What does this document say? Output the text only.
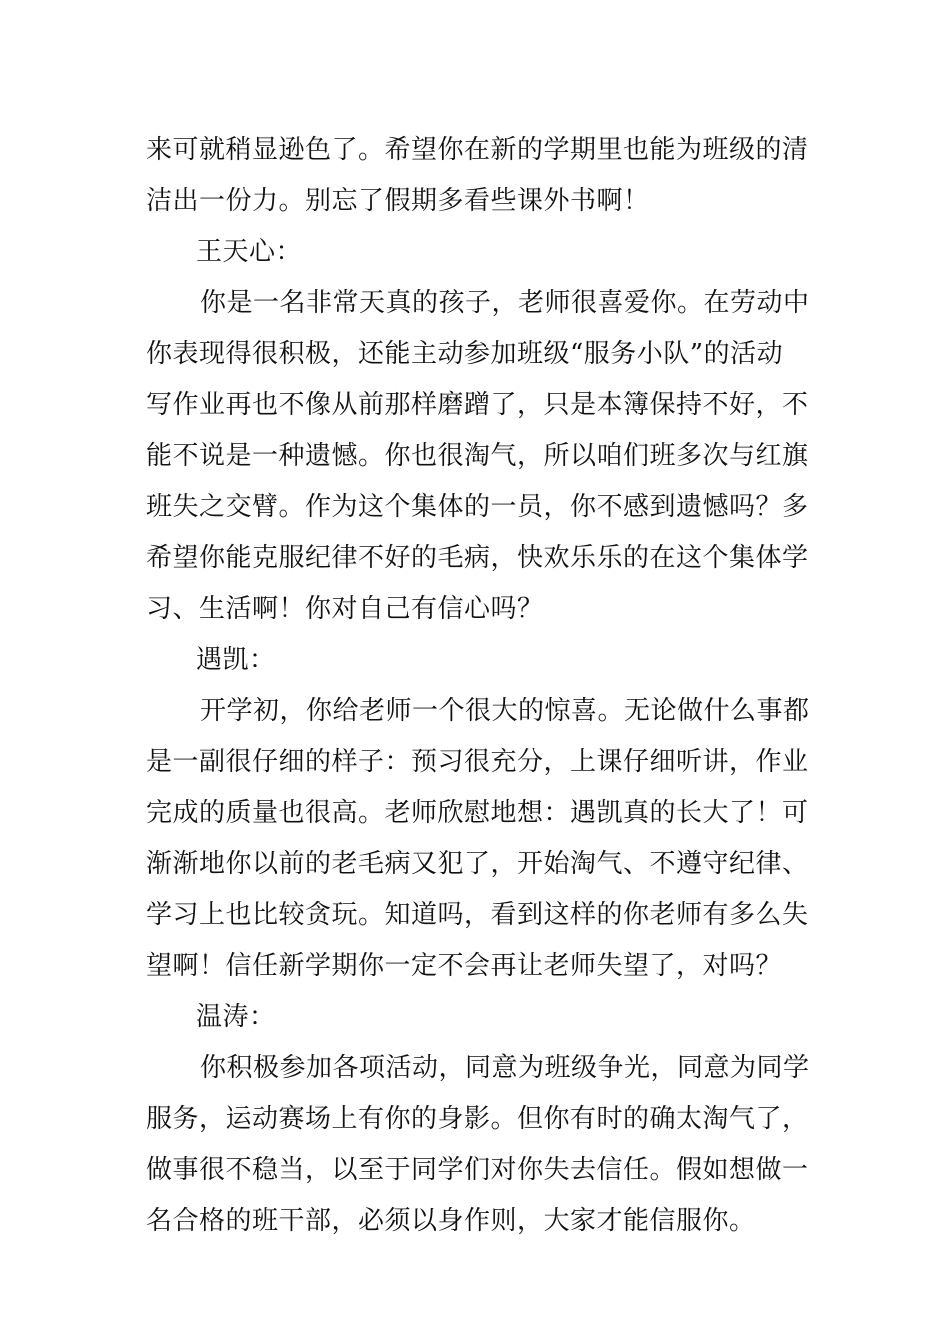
来可就稍显逊色了。希望你在新的学期里也能为班级的清
洁出一份力。别忘了假期多看些课外书啊！
王天心：
你是一名非常天真的孩子，老师很喜爱你。在劳动中
你表现得很积极，还能主动参加班级“服务小队”的活动
写作业再也不像从前那样磨蹭了，只是本簿保持不好，不
能不说是一种遗憾。你也很淘气，所以咱们班多次与红旗
班失之交臂。作为这个集体的一员，你不感到遗憾吗？多
希望你能克服纪律不好的毛病，快欢乐乐的在这个集体学
习、生活啊！你对自己有信心吗？
遇凯：
开学初，你给老师一个很大的惊喜。无论做什么事都
是一副很仔细的样子：预习很充分，上课仔细听讲，作业
完成的质量也很高。老师欣慰地想：遇凯真的长大了！可
渐渐地你以前的老毛病又犯了，开始淘气、不遵守纪律、
学习上也比较贪玩。知道吗，看到这样的你老师有多么失
望啊！信任新学期你一定不会再让老师失望了，对吗？
温涛：
你积极参加各项活动，同意为班级争光，同意为同学
服务，运动赛场上有你的身影。但你有时的确太淘气了，
做事很不稳当，以至于同学们对你失去信任。假如想做一
名合格的班干部，必须以身作则，大家才能信服你。
